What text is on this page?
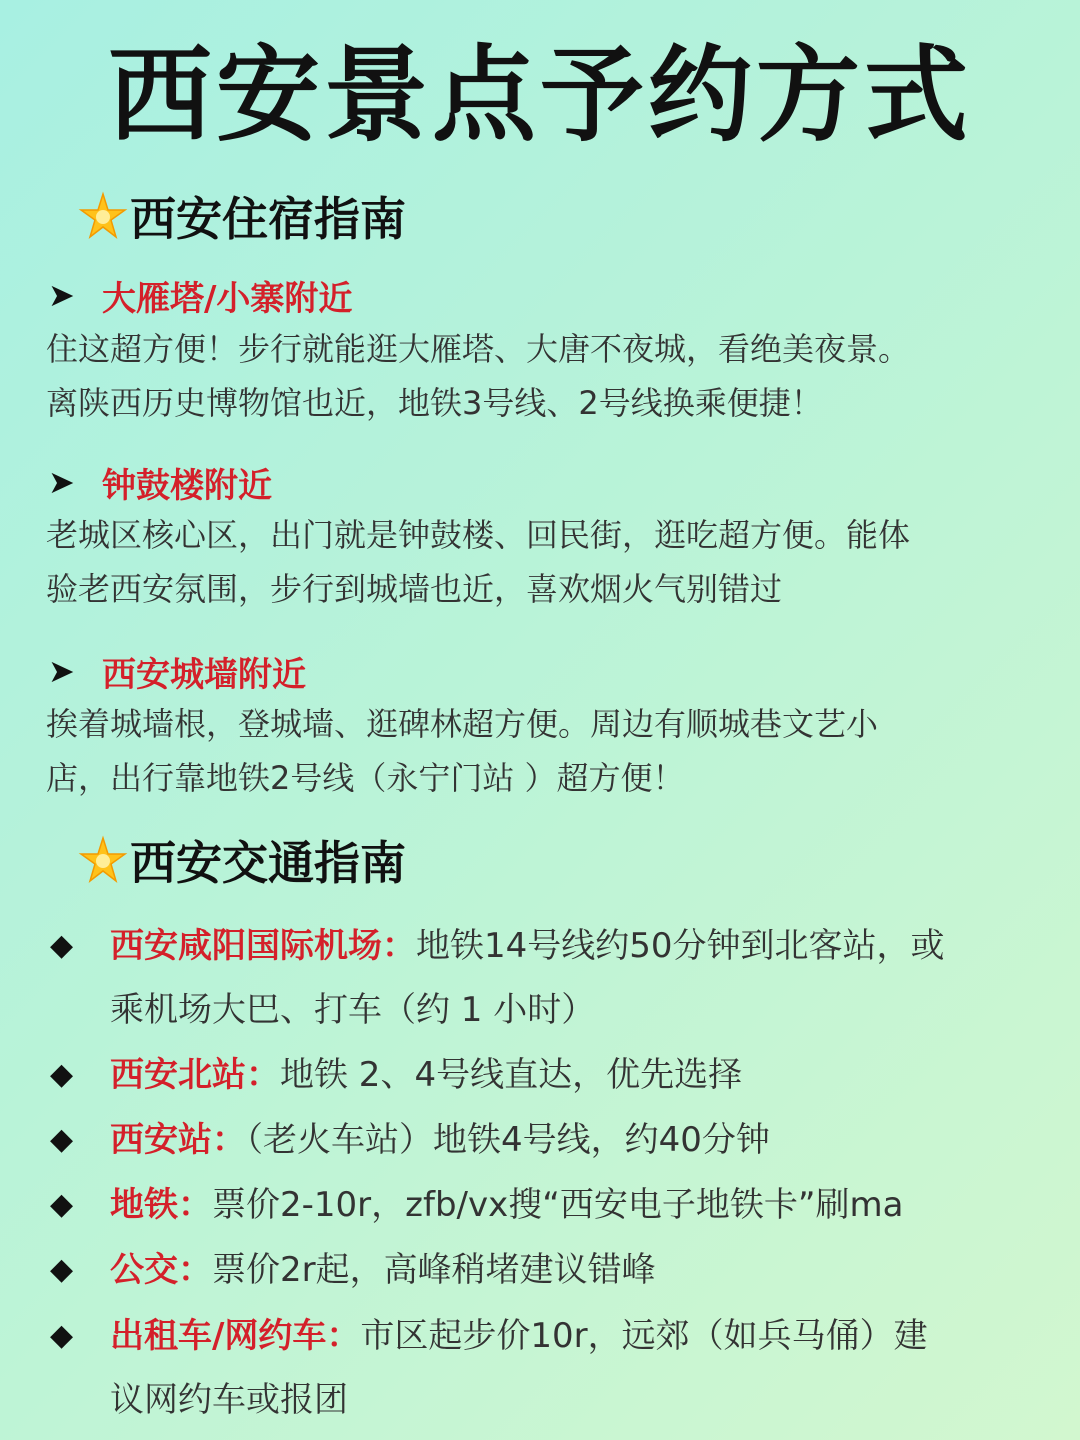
西安景点予约方式
西安住宿指南
➤ 大雁塔/小寨附近
住这超方便！步行就能逛大雁塔、大唐不夜城，看绝美夜景。
离陕西历史博物馆也近，地铁3号线、2号线换乘便捷！
➤ 钟鼓楼附近
老城区核心区，出门就是钟鼓楼、回民街，逛吃超方便。能体
验老西安氛围，步行到城墙也近，喜欢烟火气别错过
➤ 西安城墙附近
挨着城墙根，登城墙、逛碑林超方便。周边有顺城巷文艺小
店，出行靠地铁2号线（永宁门站 ）超方便！
西安交通指南
◆ 西安咸阳国际机场：地铁14号线约50分钟到北客站，或
乘机场大巴、打车（约 1 小时）
◆ 西安北站：地铁 2、4号线直达，优先选择
◆ 西安站：（老火车站）地铁4号线，约40分钟
◆ 地铁：票价2-10r，zfb/vx搜“西安电子地铁卡”刷ma
◆ 公交：票价2r起，高峰稍堵建议错峰
◆ 出租车/网约车：市区起步价10r，远郊（如兵马俑）建
议网约车或报团
